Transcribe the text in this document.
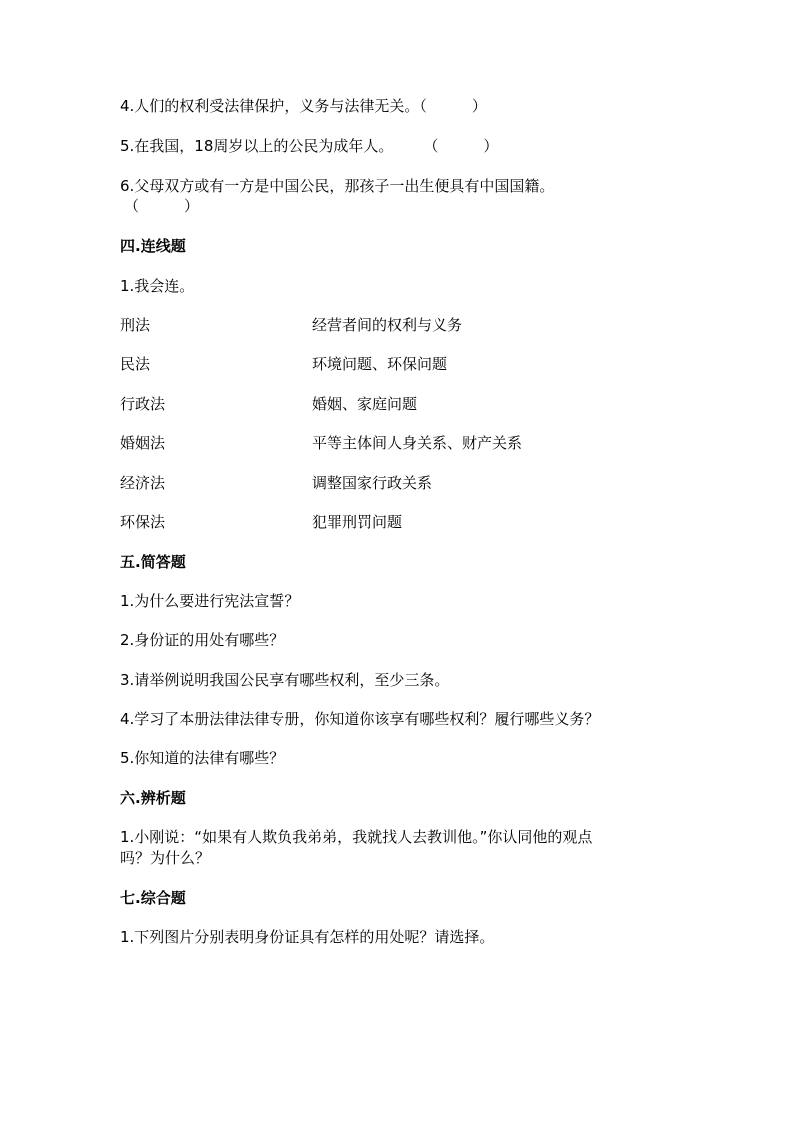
4.人们的权利受法律保护，义务与法律无关。（　　　）
5.在我国，18周岁以上的公民为成年人。　　　（　　　）
6.父母双方或有一方是中国公民，那孩子一出生便具有中国国籍。
（　　　）
四.连线题
1.我会连。
刑法	经营者间的权利与义务
民法	环境问题、环保问题
行政法	婚姻、家庭问题
婚姻法	平等主体间人身关系、财产关系
经济法	调整国家行政关系
环保法	犯罪刑罚问题
五.简答题
1.为什么要进行宪法宣誓？
2.身份证的用处有哪些？
3.请举例说明我国公民享有哪些权利，至少三条。
4.学习了本册法律法律专册，你知道你该享有哪些权利？履行哪些义务？
5.你知道的法律有哪些？
六.辨析题
1.小刚说：“如果有人欺负我弟弟，我就找人去教训他。”你认同他的观点
吗？为什么？
七.综合题
1.下列图片分别表明身份证具有怎样的用处呢？请选择。
